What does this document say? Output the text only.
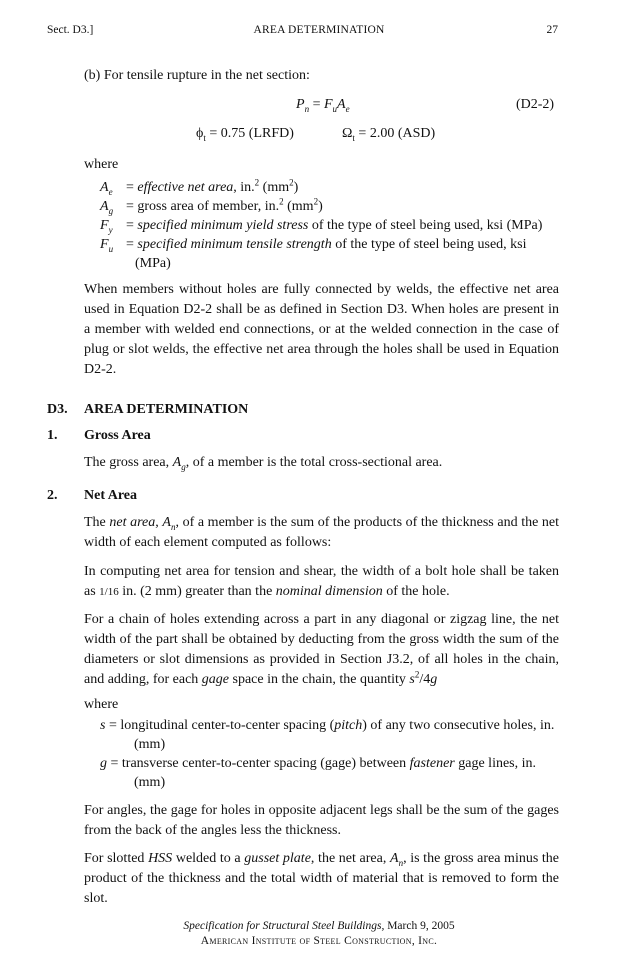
Sect. D3.]	AREA DETERMINATION	27
(b) For tensile rupture in the net section:
$P_n = F_uA_e$	(D2-2)
$\phi_t = 0.75$ (LRFD)	$\Omega_t = 2.00$ (ASD)
where
$A_e$ = effective net area, in.$^2$ $(mm^2)$
$A_g$ = gross area of member, in.$^2$ $(mm^2)$
$F_y$ = specified minimum yield stress of the type of steel being used, ksi (MPa)
$F_u$ = specified minimum tensile strength of the type of steel being used, ksi
(MPa)
When members without holes are fully connected by welds, the effective net area used in Equation D2-2 shall be as defined in Section D3. When holes are present in a member with welded end connections, or at the welded connection in the case of plug or slot welds, the effective net area through the holes shall be used in Equation D2-2.
D3. AREA DETERMINATION
1. Gross Area
The gross area, $A_g$, of a member is the total cross-sectional area.
2. Net Area
The net area, $A_n$, of a member is the sum of the products of the thickness and the net width of each element computed as follows:
In computing net area for tension and shear, the width of a bolt hole shall be taken as 1/16 in. (2 mm) greater than the nominal dimension of the hole.
For a chain of holes extending across a part in any diagonal or zigzag line, the net width of the part shall be obtained by deducting from the gross width the sum of the diameters or slot dimensions as provided in Section J3.2, of all holes in the chain, and adding, for each gage space in the chain, the quantity $s^2/4g$
where
s = longitudinal center-to-center spacing (pitch) of any two consecutive holes, in. (mm)
g = transverse center-to-center spacing (gage) between fastener gage lines, in. (mm)
For angles, the gage for holes in opposite adjacent legs shall be the sum of the gages from the back of the angles less the thickness.
For slotted HSS welded to a gusset plate, the net area, $A_n$, is the gross area minus the product of the thickness and the total width of material that is removed to form the slot.
Specification for Structural Steel Buildings, March 9, 2005
American Institute of Steel Construction, Inc.
